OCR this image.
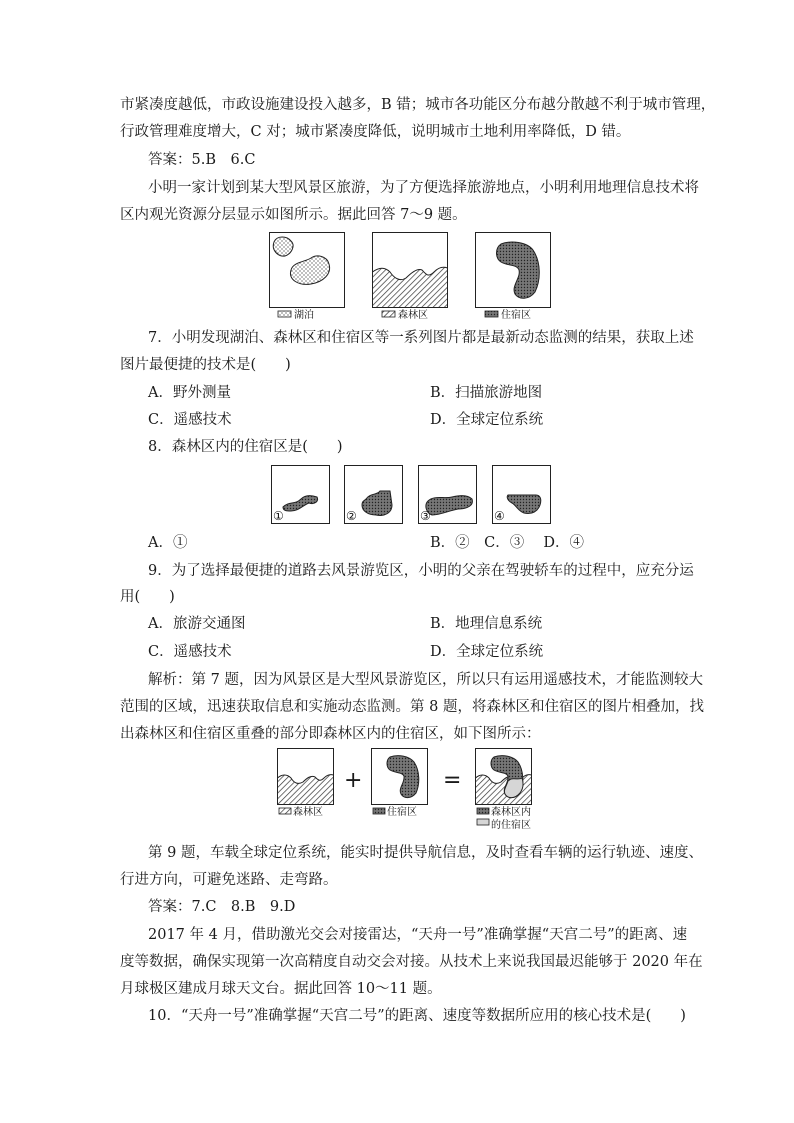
市紧凑度越低，市政设施建设投入越多，B 错；城市各功能区分布越分散越不利于城市管理，
行政管理难度增大，C 对；城市紧凑度降低，说明城市土地利用率降低，D 错。
答案：5.B　6.C
小明一家计划到某大型风景区旅游，为了方便选择旅游地点，小明利用地理信息技术将
区内观光资源分层显示如图所示。据此回答 7～9 题。
湖泊	森林区	住宿区
7．小明发现湖泊、森林区和住宿区等一系列图片都是最新动态监测的结果，获取上述
图片最便捷的技术是(　　)
A．野外测量	B．扫描旅游地图
C．遥感技术	D．全球定位系统
8．森林区内的住宿区是(　　)
①	②	③	④
A．①	B．②　C．③　 D．④
9．为了选择最便捷的道路去风景游览区，小明的父亲在驾驶轿车的过程中，应充分运
用(　　)
A．旅游交通图	B．地理信息系统
C．遥感技术	D．全球定位系统
解析：第 7 题，因为风景区是大型风景游览区，所以只有运用遥感技术，才能监测较大
范围的区域，迅速获取信息和实施动态监测。第 8 题，将森林区和住宿区的图片相叠加，找
出森林区和住宿区重叠的部分即森林区内的住宿区，如下图所示：
森林区
+
住宿区
=
森林区内
的住宿区
第 9 题，车载全球定位系统，能实时提供导航信息，及时查看车辆的运行轨迹、速度、
行进方向，可避免迷路、走弯路。
答案：7.C　8.B　9.D
2017 年 4 月，借助激光交会对接雷达，“天舟一号”准确掌握“天宫二号”的距离、速
度等数据，确保实现第一次高精度自动交会对接。从技术上来说我国最迟能够于 2020 年在
月球极区建成月球天文台。据此回答 10～11 题。
10．“天舟一号”准确掌握“天宫二号”的距离、速度等数据所应用的核心技术是(　　)
